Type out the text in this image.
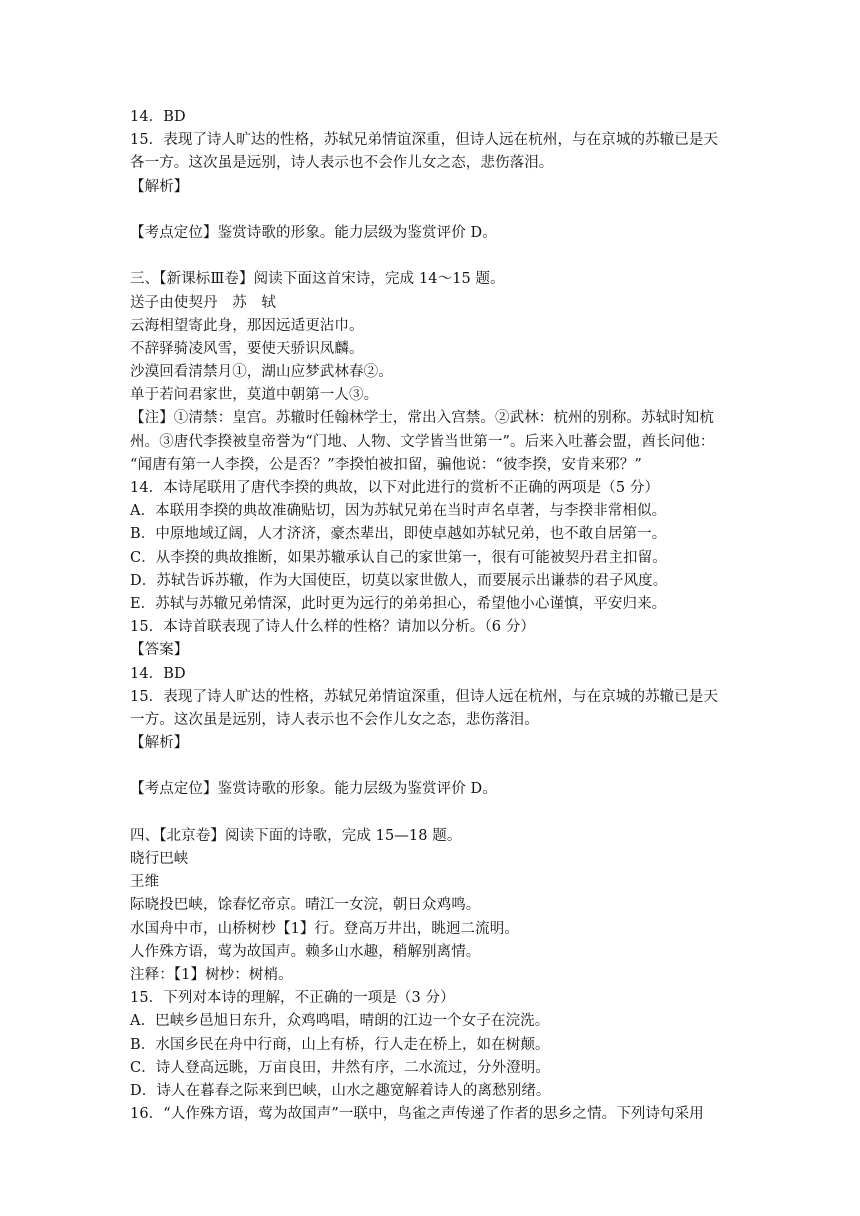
14．BD
15．表现了诗人旷达的性格，苏轼兄弟情谊深重，但诗人远在杭州，与在京城的苏辙已是天
各一方。这次虽是远别，诗人表示也不会作儿女之态，悲伤落泪。
【解析】
【考点定位】鉴赏诗歌的形象。能力层级为鉴赏评价 D。
三、【新课标Ⅲ卷】阅读下面这首宋诗，完成 14～15 题。
送子由使契丹　苏　轼
云海相望寄此身，那因远适更沾巾。
不辞驿骑凌风雪，要使天骄识凤麟。
沙漠回看清禁月①，湖山应梦武林春②。
单于若问君家世，莫道中朝第一人③。
【注】①清禁：皇宫。苏辙时任翰林学士，常出入宫禁。②武林：杭州的别称。苏轼时知杭
州。③唐代李揆被皇帝誉为“门地、人物、文学皆当世第一”。后来入吐蕃会盟，酋长问他：
“闻唐有第一人李揆，公是否？”李揆怕被扣留，骗他说：“彼李揆，安肯来邪？”
14．本诗尾联用了唐代李揆的典故，以下对此进行的赏析不正确的两项是（5 分）
A．本联用李揆的典故准确贴切，因为苏轼兄弟在当时声名卓著，与李揆非常相似。
B．中原地域辽阔，人才济济，豪杰辈出，即使卓越如苏轼兄弟，也不敢自居第一。
C．从李揆的典故推断，如果苏辙承认自己的家世第一，很有可能被契丹君主扣留。
D．苏轼告诉苏辙，作为大国使臣，切莫以家世傲人，而要展示出谦恭的君子风度。
E．苏轼与苏辙兄弟情深，此时更为远行的弟弟担心，希望他小心谨慎，平安归来。
15．本诗首联表现了诗人什么样的性格？请加以分析。（6 分）
【答案】
14．BD
15．表现了诗人旷达的性格，苏轼兄弟情谊深重，但诗人远在杭州，与在京城的苏辙已是天
一方。这次虽是远别，诗人表示也不会作儿女之态，悲伤落泪。
【解析】
【考点定位】鉴赏诗歌的形象。能力层级为鉴赏评价 D。
四、【北京卷】阅读下面的诗歌，完成 15—18 题。
晓行巴峡
王维
际晓投巴峡，馀春忆帝京。晴江一女浣，朝日众鸡鸣。
水国舟中市，山桥树杪【1】行。登高万井出，眺迥二流明。
人作殊方语，莺为故国声。赖多山水趣，稍解别离情。
注释：【1】树杪：树梢。
15．下列对本诗的理解，不正确的一项是（3 分）
A．巴峡乡邑旭日东升，众鸡鸣唱，晴朗的江边一个女子在浣洗。
B．水国乡民在舟中行商，山上有桥，行人走在桥上，如在树颠。
C．诗人登高远眺，万亩良田，井然有序，二水流过，分外澄明。
D．诗人在暮春之际来到巴峡，山水之趣宽解着诗人的离愁别绪。
16．“人作殊方语，莺为故国声”一联中，鸟雀之声传递了作者的思乡之情。下列诗句采用
